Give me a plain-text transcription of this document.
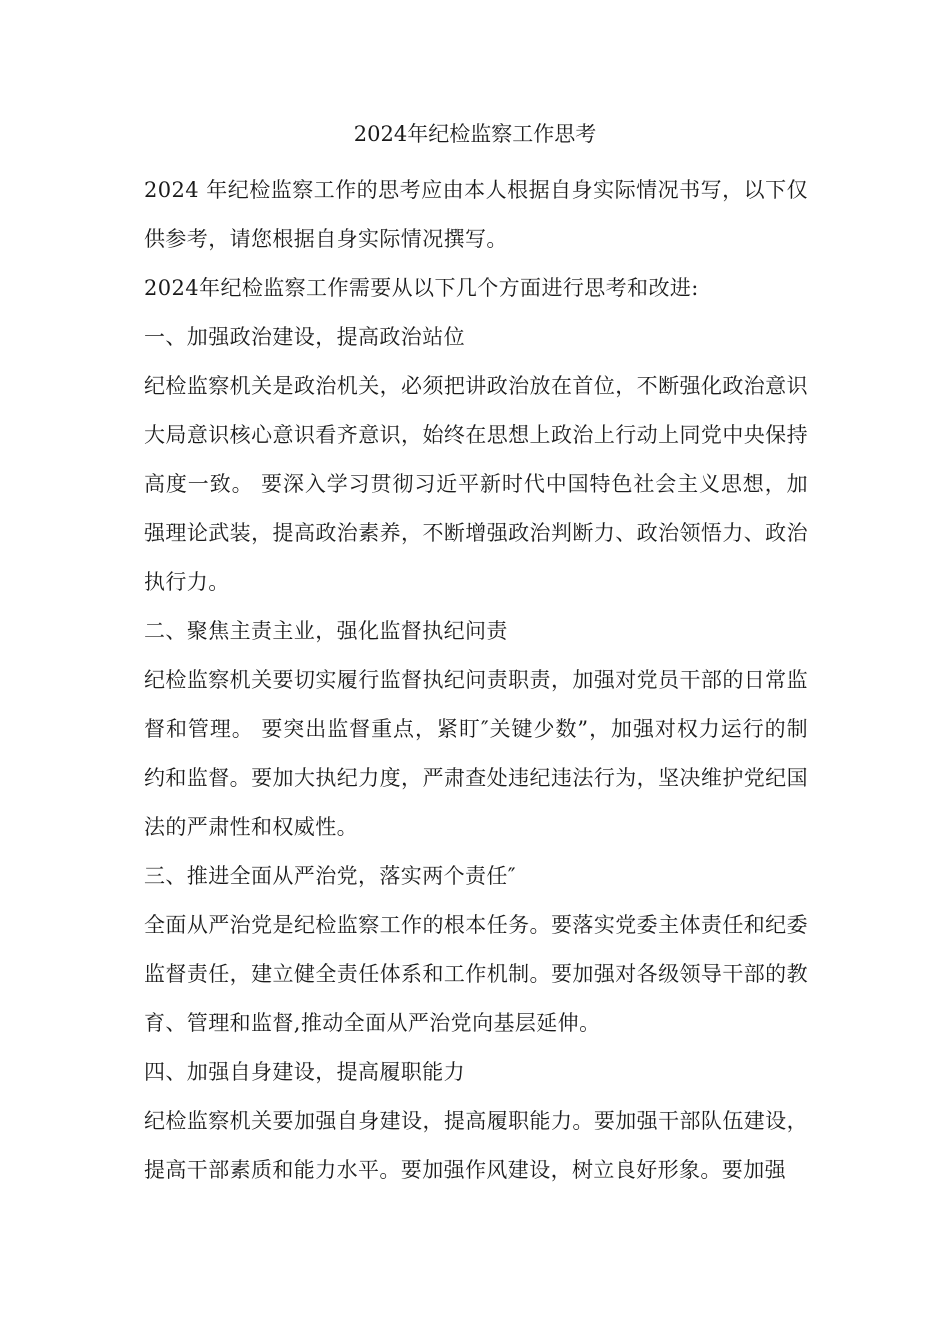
2024年纪检监察工作思考

2024 年纪检监察工作的思考应由本人根据自身实际情况书写，以下仅供参考，请您根据自身实际情况撰写。

2024年纪检监察工作需要从以下几个方面进行思考和改进:

一、加强政治建设，提高政治站位

纪检监察机关是政治机关，必须把讲政治放在首位，不断强化政治意识大局意识核心意识看齐意识，始终在思想上政治上行动上同党中央保持高度一致。 要深入学习贯彻习近平新时代中国特色社会主义思想，加强理论武装，提高政治素养，不断增强政治判断力、政治领悟力、政治执行力。

二、聚焦主责主业，强化监督执纪问责

纪检监察机关要切实履行监督执纪问责职责，加强对党员干部的日常监督和管理。 要突出监督重点，紧盯″关键少数”，加强对权力运行的制约和监督。要加大执纪力度，严肃查处违纪违法行为，坚决维护党纪国法的严肃性和权威性。

三、推进全面从严治党，落实两个责任″

全面从严治党是纪检监察工作的根本任务。要落实党委主体责任和纪委监督责任，建立健全责任体系和工作机制。要加强对各级领导干部的教育、管理和监督,推动全面从严治党向基层延伸。

四、加强自身建设，提高履职能力

纪检监察机关要加强自身建设，提高履职能力。要加强干部队伍建设，提高干部素质和能力水平。要加强作风建设，树立良好形象。要加强
